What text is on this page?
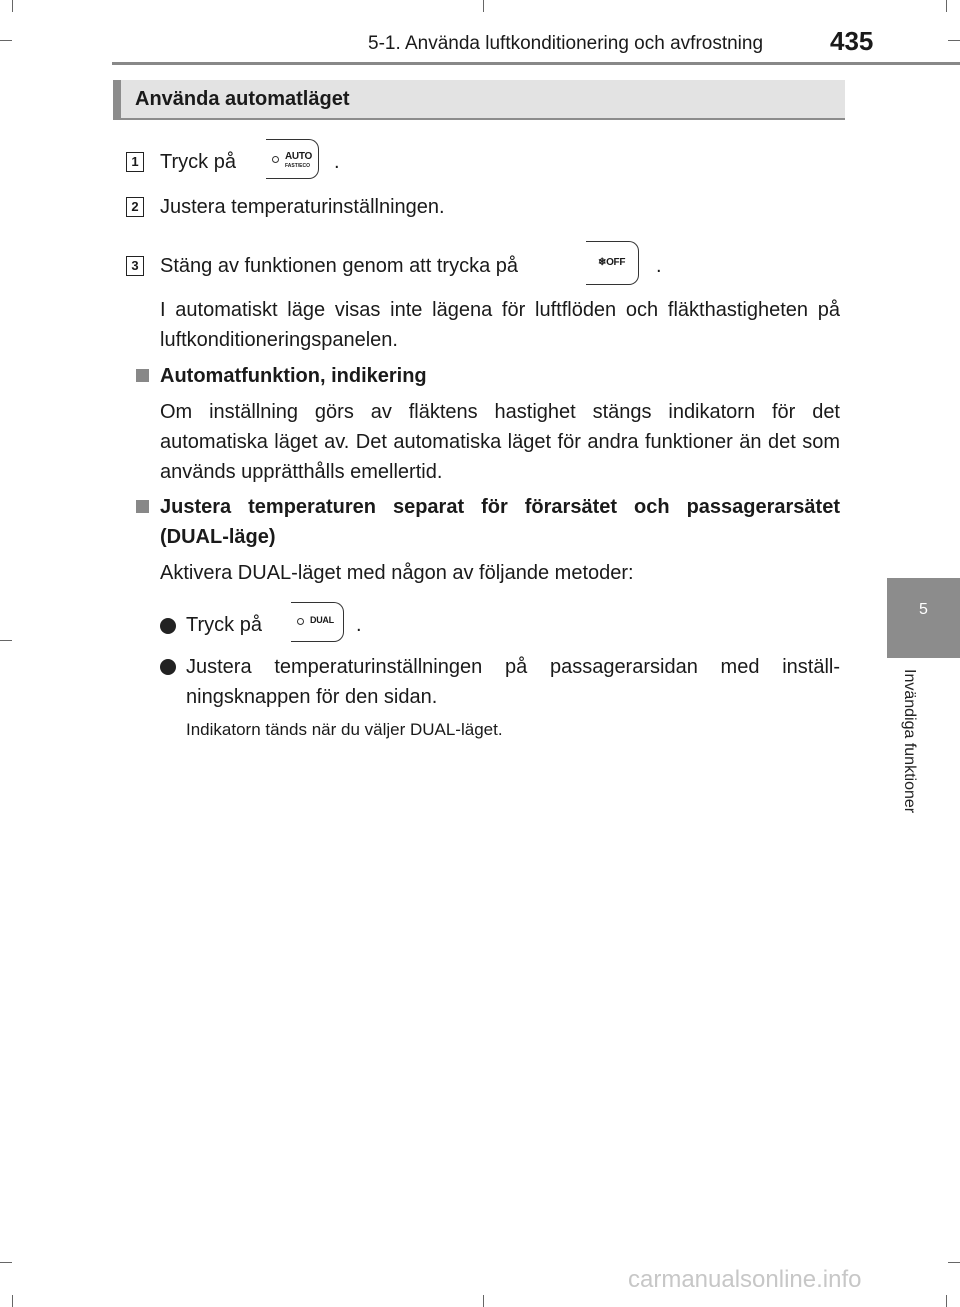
5-1. Använda luftkonditionering och avfrostning	435
Använda automatläget
1 Tryck på	AUTO
FAST/ECO .
2 Justera temperaturinställningen.
3 Stäng av funktionen genom att trycka på	❄OFF .
I automatiskt läge visas inte lägena för luftflöden och fläkthastigheten på luftkonditioneringspanelen.
Automatfunktion, indikering
Om inställning görs av fläktens hastighet stängs indikatorn för det automatiska läget av. Det automatiska läget för andra funktioner än det som används upprätthålls emellertid.
Justera temperaturen separat för förarsätet och passagerarsätet (DUAL-läge)
Aktivera DUAL-läget med någon av följande metoder:
Tryck på	DUAL .
Justera temperaturinställningen på passagerarsidan med inställ-ningsknappen för den sidan.
Indikatorn tänds när du väljer DUAL-läget.
5
Invändiga funktioner
carmanualsonline.info
